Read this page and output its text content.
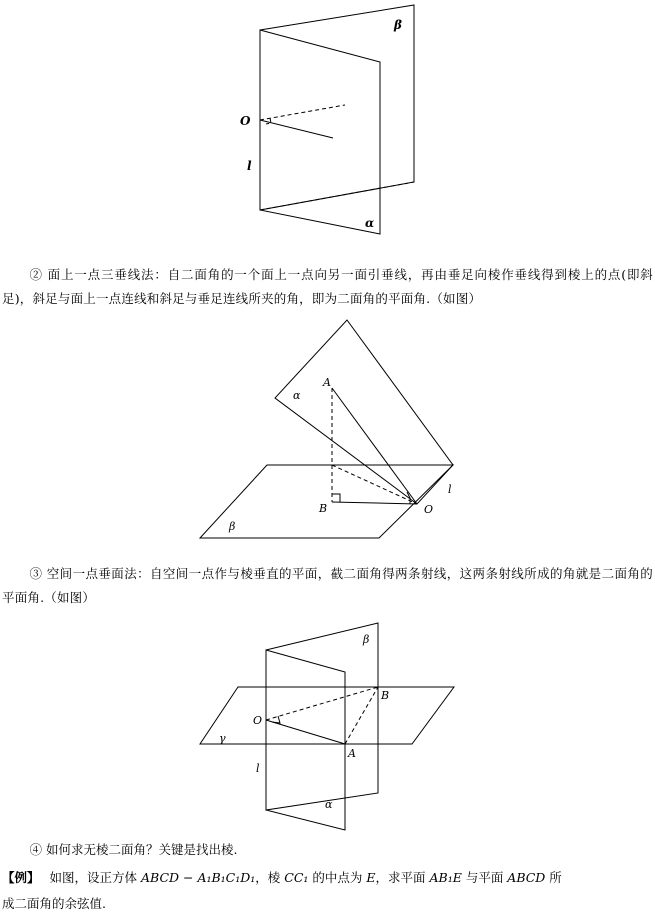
β
O
l
α

② 面上一点三垂线法：自二面角的一个面上一点向另一面引垂线，再由垂足向棱作垂线得到棱上的点(即斜足)，斜足与面上一点连线和斜足与垂足连线所夹的角，即为二面角的平面角.（如图）

A
α
B	O
l
β

③ 空间一点垂面法：自空间一点作与棱垂直的平面，截二面角得两条射线，这两条射线所成的角就是二面角的平面角.（如图）

β
B
O
γ
A
l
α

④ 如何求无棱二面角？关键是找出棱.

【例】 如图，设正方体 ABCD − A₁B₁C₁D₁，棱 CC₁ 的中点为 E，求平面 AB₁E 与平面 ABCD 所

成二面角的余弦值.
